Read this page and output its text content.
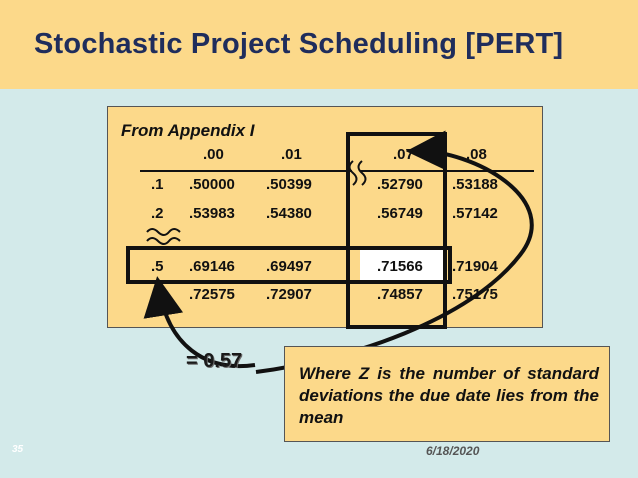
Stochastic Project Scheduling [PERT]
From Appendix I
.00	.01	.07	.08
.1 .50000 .50399	.52790 .53188
.2 .53983 .54380	.56749 .57142
.5 .69146 .69497	.71566 .71904
.6 .72575 .72907	.74857 .75175
= 0.57
Where Z is the number of standard deviations the due date lies from the mean
35	6/18/2020
